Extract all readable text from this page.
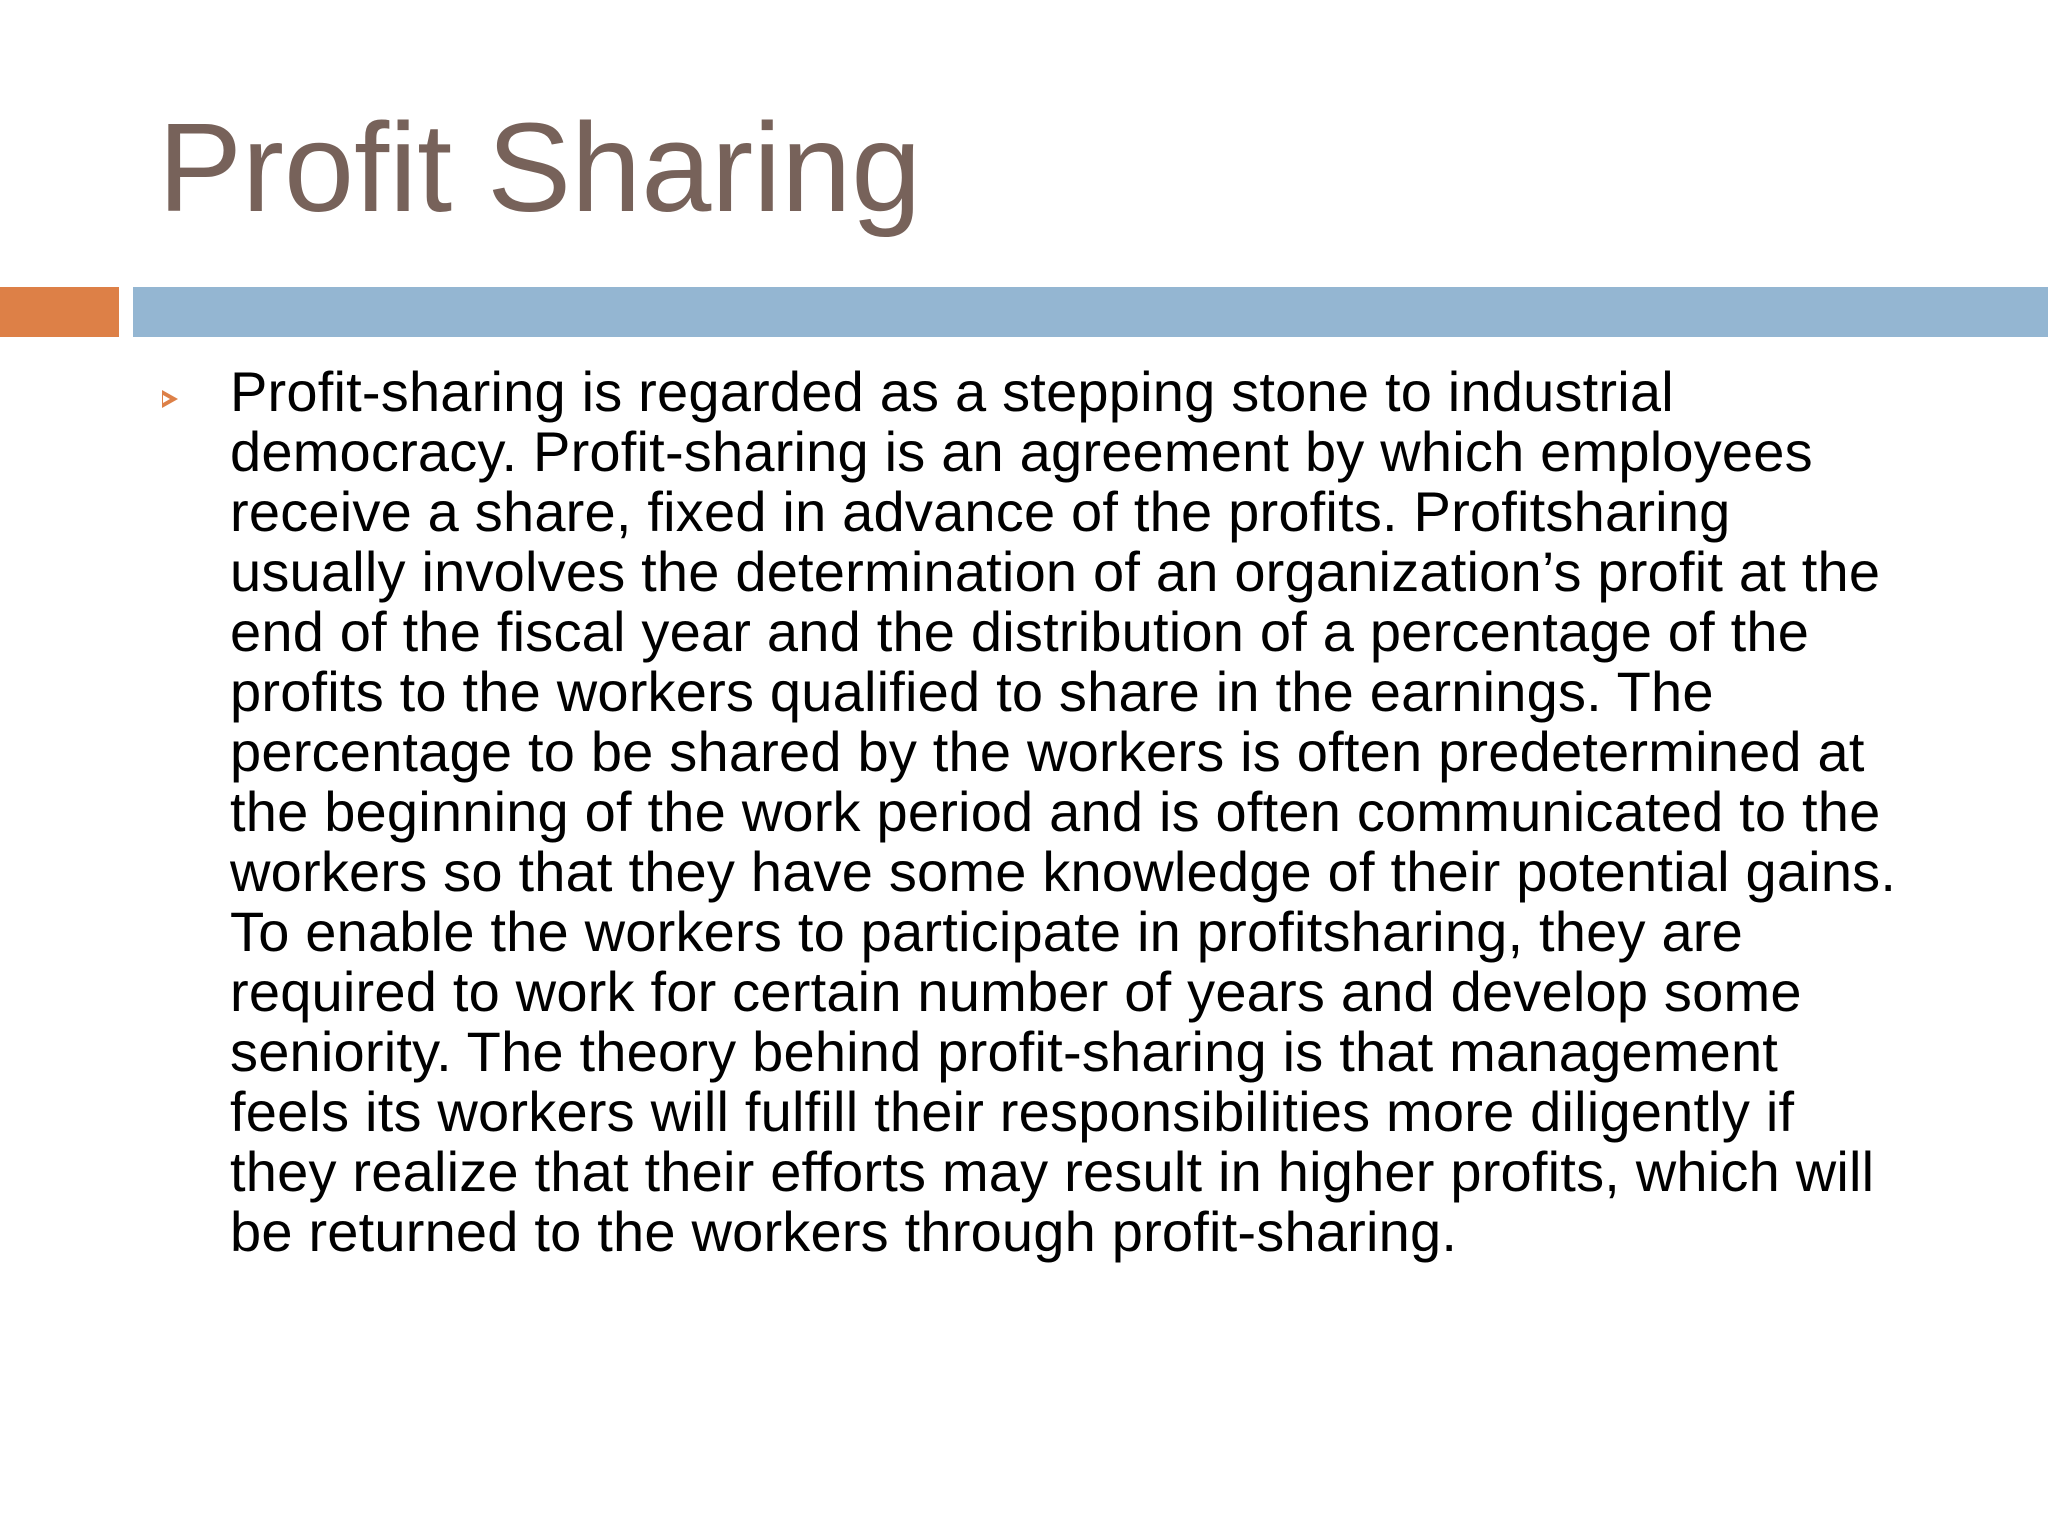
Profit Sharing
Profit-sharing is regarded as a stepping stone to industrial democracy. Profit-sharing is an agreement by which employees receive a share, fixed in advance of the profits. Profitsharing usually involves the determination of an organization’s profit at the end of the fiscal year and the distribution of a percentage of the profits to the workers qualified to share in the earnings. The percentage to be shared by the workers is often predetermined at the beginning of the work period and is often communicated to the workers so that they have some knowledge of their potential gains. To enable the workers to participate in profitsharing, they are required to work for certain number of years and develop some seniority. The theory behind profit-sharing is that management feels its workers will fulfill their responsibilities more diligently if they realize that their efforts may result in higher profits, which will be returned to the workers through profit-sharing.
